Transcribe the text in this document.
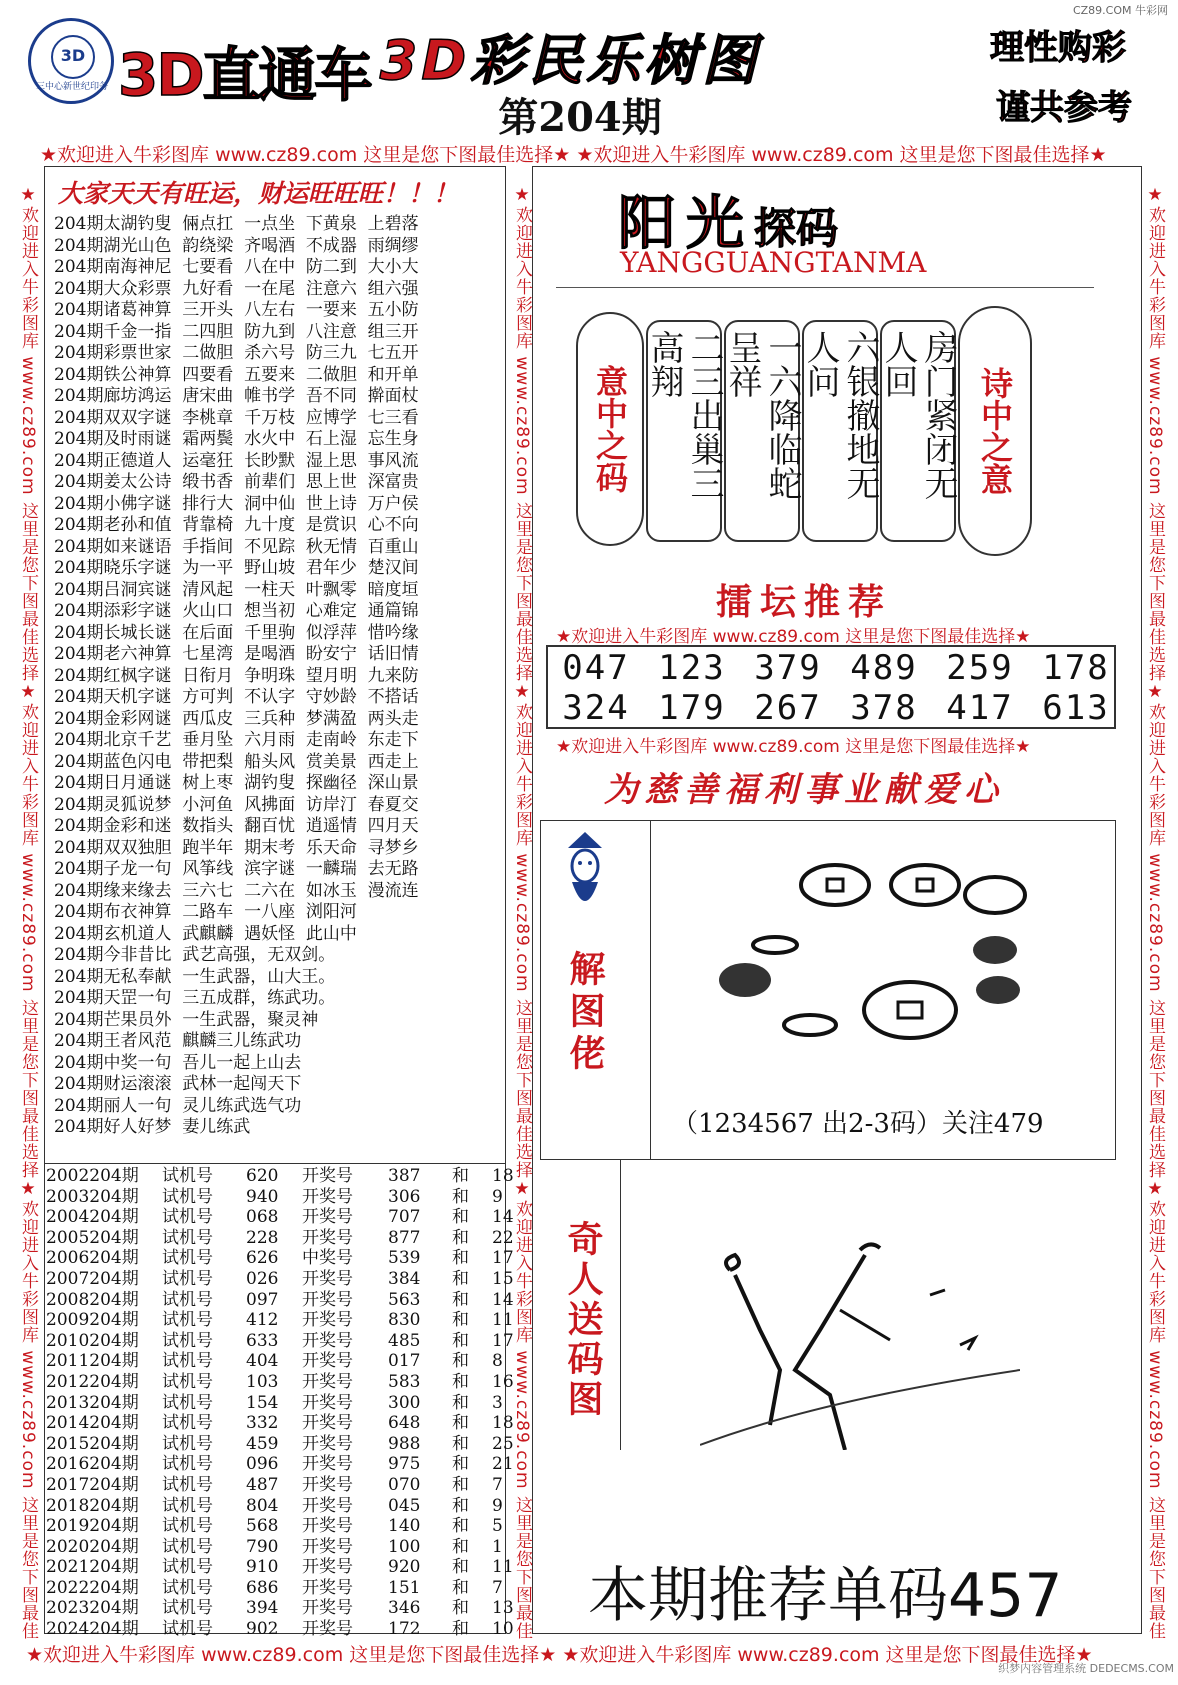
CZ89.COM 牛彩网
3D
三中心新世纪印务 3D直通车 3D彩民乐树图
第204期
理性购彩
谨共参考
★欢迎进入牛彩图库 www.cz89.com 这里是您下图最佳选择★ ★欢迎进入牛彩图库 www.cz89.com 这里是您下图最佳选择★
★欢迎进入牛彩图库 www.cz89.com 这里是您下图最佳选择★欢迎进入牛彩图库 www.cz89.com 这里是您下图最佳选择★欢迎进入牛彩图库 www.cz89.com 这里是您下图最佳	★欢迎进入牛彩图库 www.cz89.com 这里是您下图最佳选择★欢迎进入牛彩图库 www.cz89.com 这里是您下图最佳选择★欢迎进入牛彩图库 www.cz89.com 这里是您下图最佳	★欢迎进入牛彩图库 www.cz89.com 这里是您下图最佳选择★欢迎进入牛彩图库 www.cz89.com 这里是您下图最佳选择★欢迎进入牛彩图库 www.cz89.com 这里是您下图最佳
大家天天有旺运，财运旺旺旺！！！
204期太湖钓叟  倆点扛  一点坐  下黄泉  上碧落
204期湖光山色  韵绕梁  齐喝酒  不成器  雨绸缪
204期南海神尼  七要看  八在中  防二到  大小大
204期大众彩票  九好看  一在尾  注意六  组六强
204期诸葛神算  三开头  八左右  一要来  五小防
204期千金一指  二四胆  防九到  八注意  组三开
204期彩票世家  二做胆  杀六号  防三九  七五开
204期铁公神算  四要看  五要来  二做胆  和开单
204期廊坊鸿运  唐宋曲  帷书学  吾不同  擀面杖
204期双双字谜  李桃章  千万枝  应博学  七三看
204期及时雨谜  霜两鬓  水火中  石上湿  忘生身
204期正德道人  运毫狂  长眇默  湿上思  事风流
204期姜太公诗  缎书香  前辈们  思上世  深富贵
204期小佛字谜  排行大  洞中仙  世上诗  万户侯
204期老孙和值  背靠椅  九十度  是赏识  心不向
204期如来谜语  手指间  不见踪  秋无情  百重山
204期晓乐字谜  为一平  野山坡  君年少  楚汉间
204期吕洞宾谜  清风起  一柱天  叶飘零  暗度垣
204期添彩字谜  火山口  想当初  心难定  通篇锦
204期长城长谜  在后面  千里驹  似浮萍  惜吟缘
204期老六神算  七星湾  是喝酒  盼安宁  话旧情
204期红枫字谜  日衔月  争明珠  望月明  九来防
204期天机字谜  方可判  不认字  守妙龄  不搭话
204期金彩网谜  西瓜皮  三兵种  梦满盈  两头走
204期北京千艺  垂月坠  六月雨  走南岭  东走下
204期蓝色闪电  带把梨  船头风  赏美景  西走上
204期日月通谜  树上枣  湖钓叟  探幽径  深山景
204期灵狐说梦  小河鱼  风拂面  访岸汀  春夏交
204期金彩和迷  数指头  翻百忧  逍遥情  四月天
204期双双独胆  跑半年  期末考  乐天命  寻梦乡
204期子龙一句  风筝线  滨字谜  一麟瑞  去无路
204期缘来缘去  三六七  二六在  如冰玉  漫流连
204期布衣神算  二路车  一八座  浏阳河
204期玄机道人  武麒麟  遇妖怪  此山中
204期今非昔比  武艺高强，无双剑。
204期无私奉献  一生武器，山大王。
204期天罡一句  三五成群，练武功。
204期芒果员外  一生武器，聚灵神
204期王者风范  麒麟三儿练武功
204期中奖一句  吾儿一起上山去
204期财运滚滚  武林一起闯天下
204期丽人一句  灵儿练武选气功
204期好人好梦  妻儿练武
2002204期 试机号 620 开奖号 387 和 18
2003204期 试机号 940 开奖号 306 和 9
2004204期 试机号 068 开奖号 707 和 14
2005204期 试机号 228 开奖号 877 和 22
2006204期 试机号 626 中奖号 539 和 17
2007204期 试机号 026 开奖号 384 和 15
2008204期 试机号 097 开奖号 563 和 14
2009204期 试机号 412 开奖号 830 和 11
2010204期 试机号 633 开奖号 485 和 17
2011204期 试机号 404 开奖号 017 和 8
2012204期 试机号 103 开奖号 583 和 16
2013204期 试机号 154 开奖号 300 和 3
2014204期 试机号 332 开奖号 648 和 18
2015204期 试机号 459 开奖号 988 和 25
2016204期 试机号 096 开奖号 975 和 21
2017204期 试机号 487 开奖号 070 和 7
2018204期 试机号 804 开奖号 045 和 9
2019204期 试机号 568 开奖号 140 和 5
2020204期 试机号 790 开奖号 100 和 1
2021204期 试机号 910 开奖号 920 和 11
2022204期 试机号 686 开奖号 151 和 7
2023204期 试机号 394 开奖号 346 和 13
2024204期 试机号 902 开奖号 172 和 10
阳光探码
YANGGUANGTANMA
意中之码	二三出巢三高翔	一六降临蛇呈祥	六银撤地无人问	房门紧闭无人回
诗中之意
擂坛推荐
★欢迎进入牛彩图库 www.cz89.com 这里是您下图最佳选择★
047 123 379 489 259 178
324 179 267 378 417 613
★欢迎进入牛彩图库 www.cz89.com 这里是您下图最佳选择★
为慈善福利事业献爱心
解图佬
（1234567 出2-3码）关注479
奇人送码图
本期推荐单码457
★欢迎进入牛彩图库 www.cz89.com 这里是您下图最佳选择★ ★欢迎进入牛彩图库 www.cz89.com 这里是您下图最佳选择★
织梦内容管理系统 DEDECMS.COM
